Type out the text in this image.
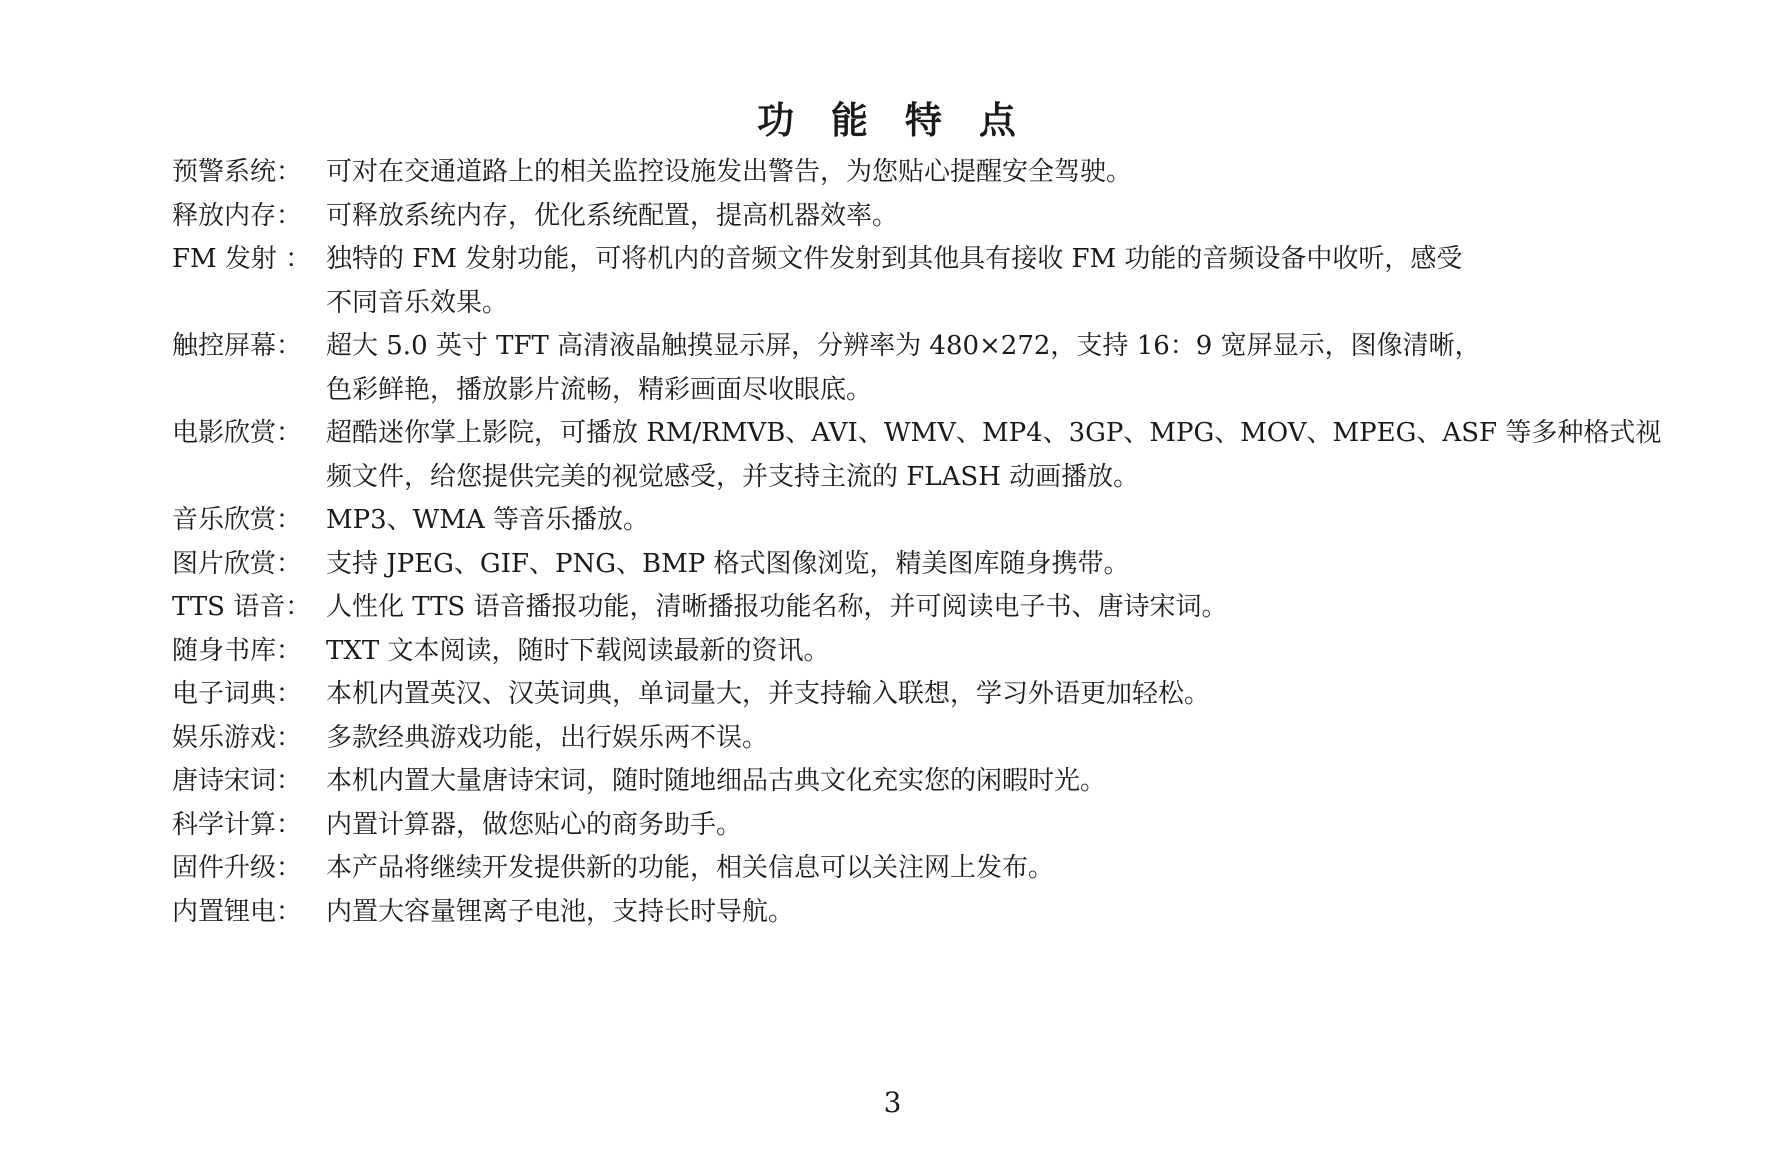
功 能 特 点
预警系统： 可对在交通道路上的相关监控设施发出警告，为您贴心提醒安全驾驶。
释放内存： 可释放系统内存，优化系统配置，提高机器效率。
FM 发射 ： 独特的 FM 发射功能，可将机内的音频文件发射到其他具有接收 FM 功能的音频设备中收听，感受
不同音乐效果。
触控屏幕： 超大 5.0 英寸 TFT 高清液晶触摸显示屏，分辨率为 480×272，支持 16：9 宽屏显示，图像清晰，
色彩鲜艳，播放影片流畅，精彩画面尽收眼底。
电影欣赏： 超酷迷你掌上影院，可播放 RM/RMVB、AVI、WMV、MP4、3GP、MPG、MOV、MPEG、ASF 等多种格式视
频文件，给您提供完美的视觉感受，并支持主流的 FLASH 动画播放。
音乐欣赏： MP3、WMA 等音乐播放。
图片欣赏： 支持 JPEG、GIF、PNG、BMP 格式图像浏览，精美图库随身携带。
TTS 语音： 人性化 TTS 语音播报功能，清晰播报功能名称，并可阅读电子书、唐诗宋词。
随身书库： TXT 文本阅读，随时下载阅读最新的资讯。
电子词典： 本机内置英汉、汉英词典，单词量大，并支持输入联想，学习外语更加轻松。
娱乐游戏： 多款经典游戏功能，出行娱乐两不误。
唐诗宋词： 本机内置大量唐诗宋词，随时随地细品古典文化充实您的闲暇时光。
科学计算： 内置计算器，做您贴心的商务助手。
固件升级： 本产品将继续开发提供新的功能，相关信息可以关注网上发布。
内置锂电： 内置大容量锂离子电池，支持长时导航。
3
